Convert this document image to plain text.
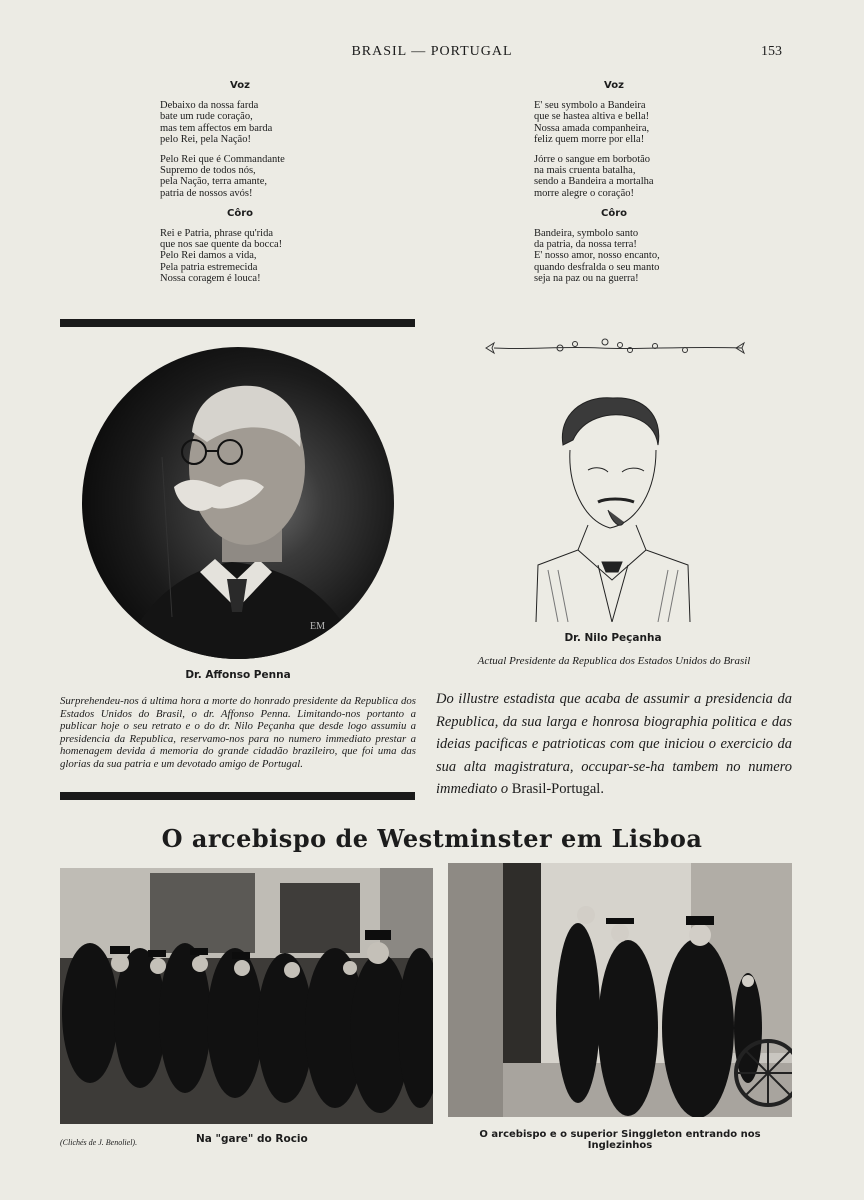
BRASIL — PORTUGAL	153
Voz
Debaixo da nossa farda
bate um rude coração,
mas tem affectos em barda
pelo Rei, pela Nação!
Pelo Rei que é Commandante
Supremo de todos nós,
pela Nação, terra amante,
patria de nossos avós!
Côro
Rei e Patria, phrase qu'rida
que nos sae quente da bocca!
Pelo Rei damos a vida,
Pela patria estremecida
Nossa coragem é louca!
Voz
E' seu symbolo a Bandeira
que se hastea altiva e bella!
Nossa amada companheira,
feliz quem morre por ella!
Jórre o sangue em borbotão
na mais cruenta batalha,
sendo a Bandeira a mortalha
morre alegre o coração!
Côro
Bandeira, symbolo santo
da patria, da nossa terra!
E' nosso amor, nosso encanto,
quando desfralda o seu manto
seja na paz ou na guerra!
EM
Dr. Affonso Penna
Dr. Nilo Peçanha
Actual Presidente da Republica dos Estados Unidos do Brasil
Surprehendeu-nos á ultima hora a morte do honrado presidente da Republica dos Estados Unidos do Brasil, o dr. Affonso Penna. Limitando-nos portanto a publicar hoje o seu retrato e o do dr. Nilo Peçanha que desde logo assumiu a presidencia da Republica, reservamo-nos para no numero immediato prestar a homenagem devida á memoria do grande cidadão brazileiro, que foi uma das glorias da sua patria e um devotado amigo de Portugal.
Do illustre estadista que acaba de assumir a presidencia da Republica, da sua larga e honrosa biographia politica e das ideias pacificas e patrioticas com que iniciou o exercicio da sua alta magistratura, occupar-se-ha tambem no numero immediato o Brasil-Portugal.
O arcebispo de Westminster em Lisboa
(Clichés de J. Benoliel).	Na "gare" do Rocio	O arcebispo e o superior Singgleton entrando nos Inglezinhos
